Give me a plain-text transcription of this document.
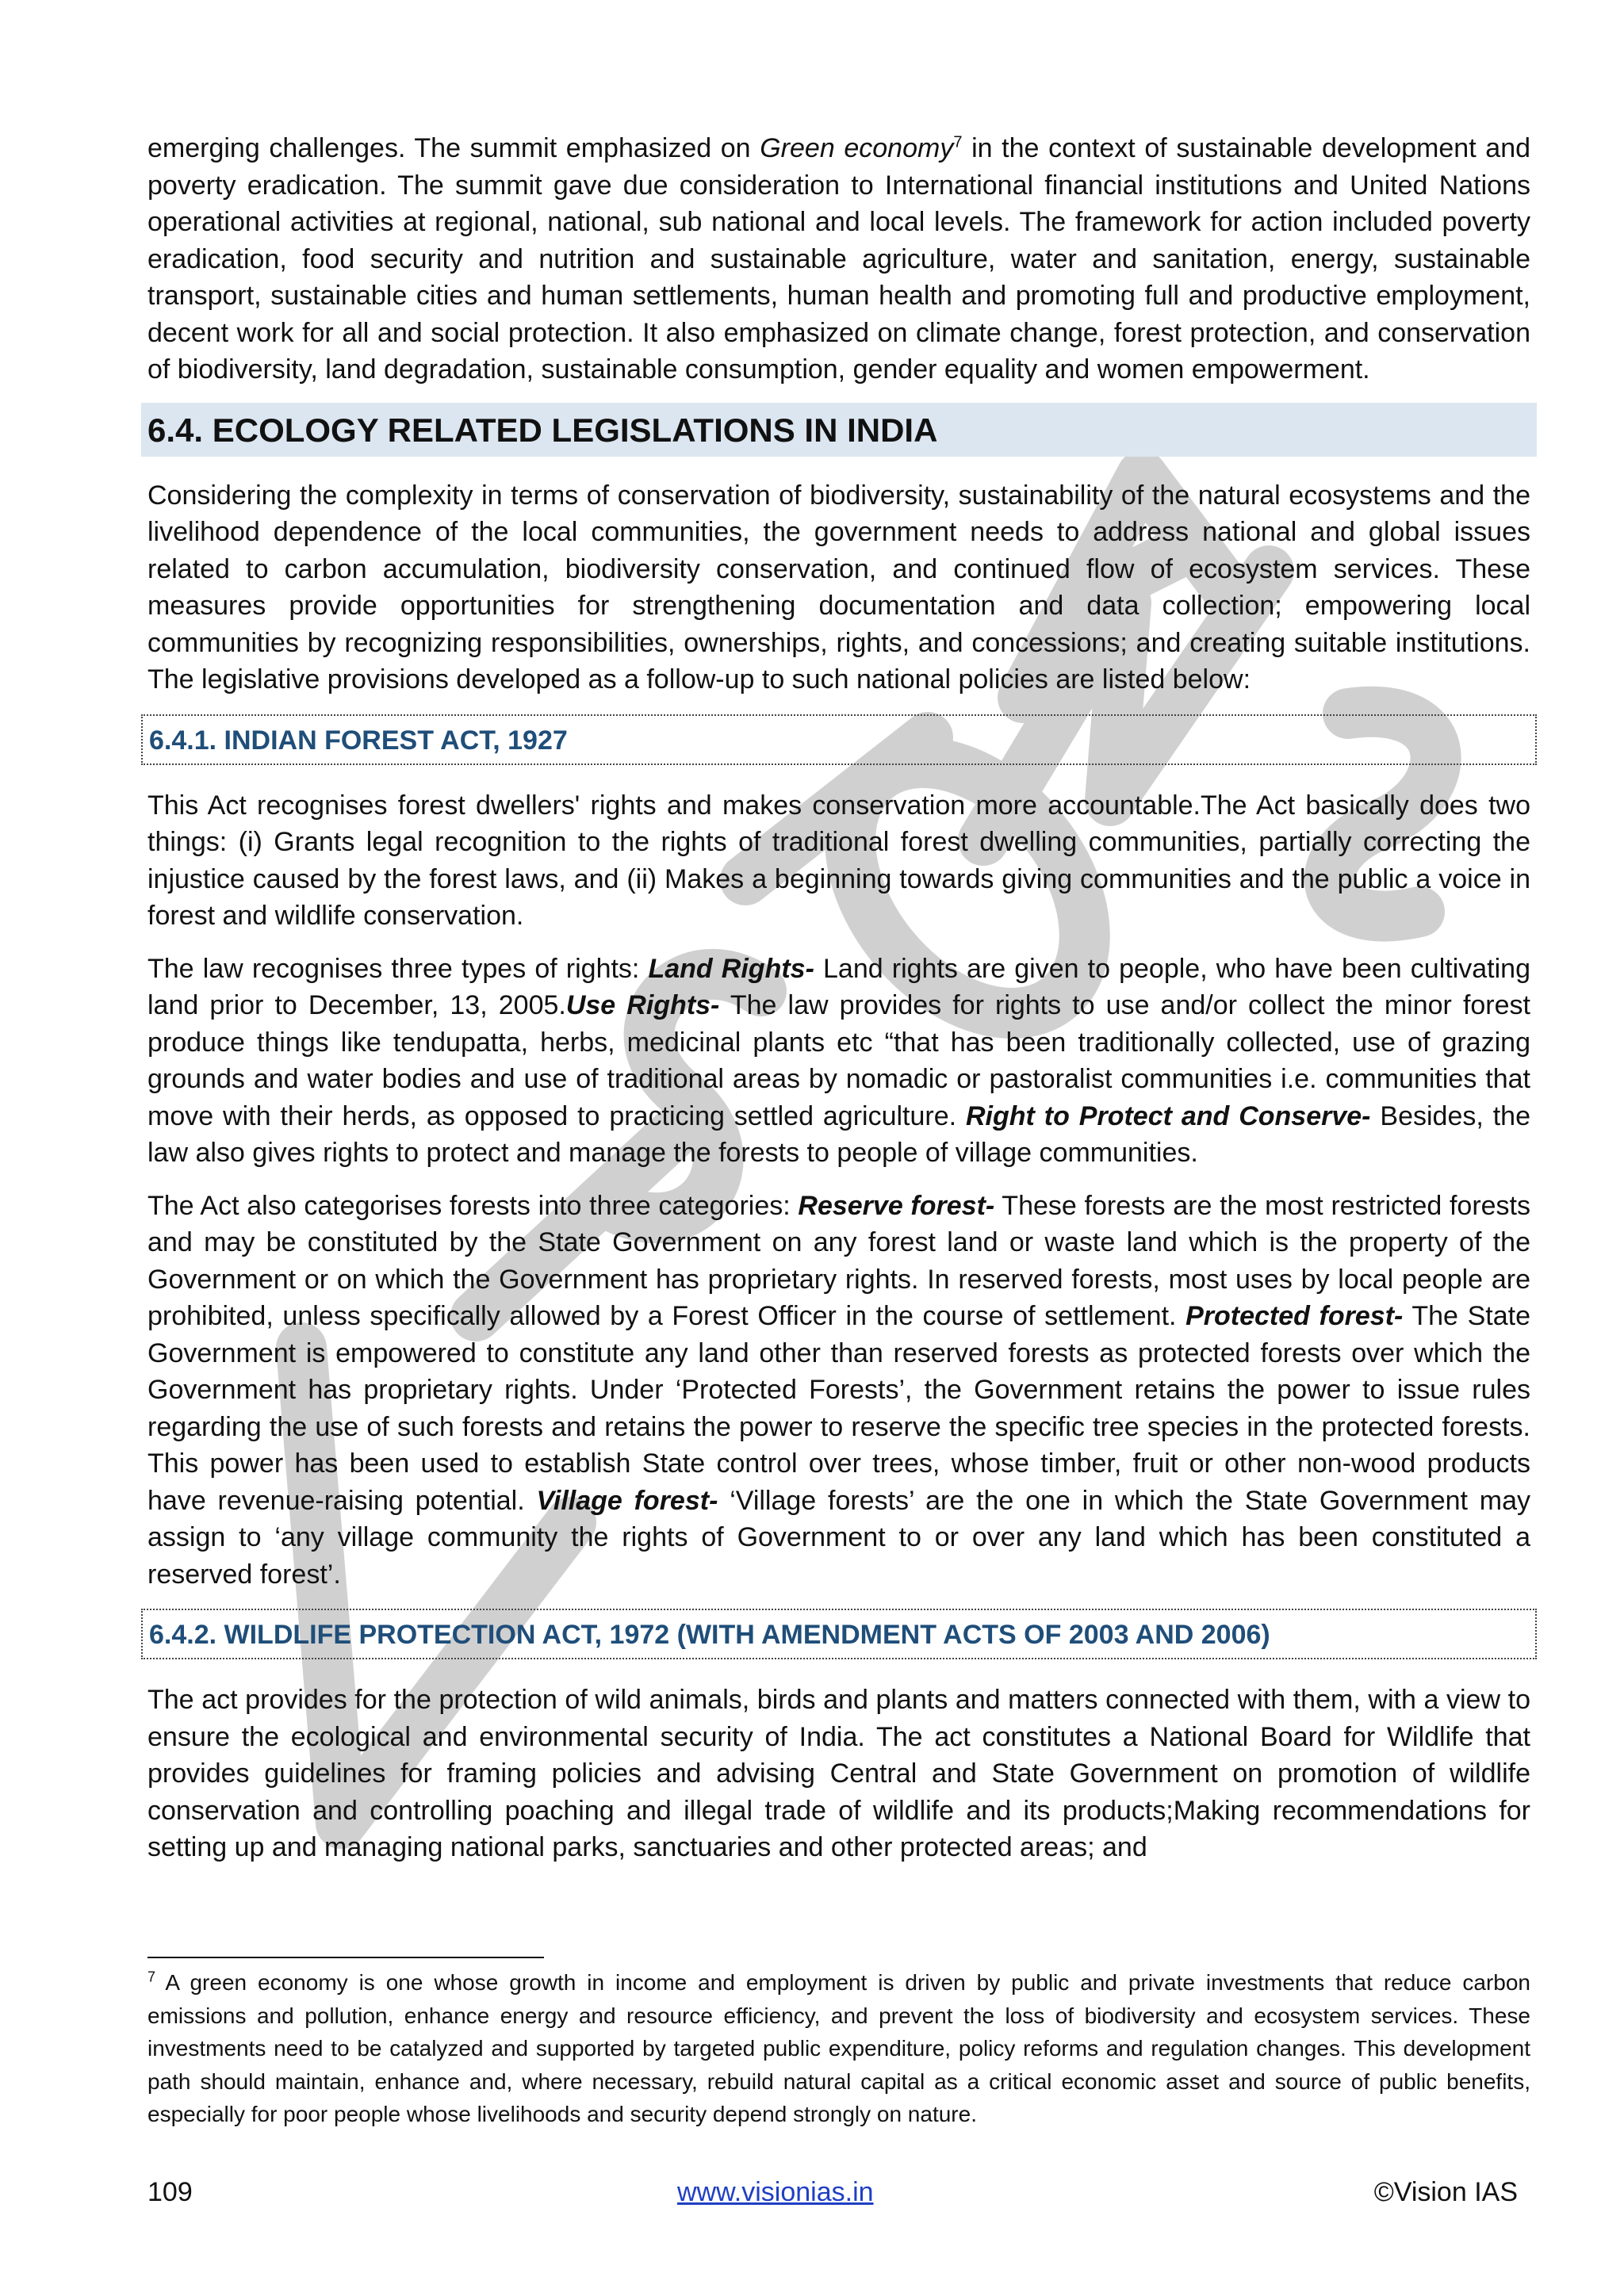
emerging challenges. The summit emphasized on Green economy$^7$ in the context of sustainable development and poverty eradication. The summit gave due consideration to International financial institutions and United Nations operational activities at regional, national, sub national and local levels. The framework for action included poverty eradication, food security and nutrition and sustainable agriculture, water and sanitation, energy, sustainable transport, sustainable cities and human settlements, human health and promoting full and productive employment, decent work for all and social protection. It also emphasized on climate change, forest protection, and conservation of biodiversity, land degradation, sustainable consumption, gender equality and women empowerment.

6.4. ECOLOGY RELATED LEGISLATIONS IN INDIA

Considering the complexity in terms of conservation of biodiversity, sustainability of the natural ecosystems and the livelihood dependence of the local communities, the government needs to address national and global issues related to carbon accumulation, biodiversity conservation, and continued flow of ecosystem services. These measures provide opportunities for strengthening documentation and data collection; empowering local communities by recognizing responsibilities, ownerships, rights, and concessions; and creating suitable institutions. The legislative provisions developed as a follow-up to such national policies are listed below:

6.4.1. INDIAN FOREST ACT, 1927

This Act recognises forest dwellers' rights and makes conservation more accountable.The Act basically does two things: (i) Grants legal recognition to the rights of traditional forest dwelling communities, partially correcting the injustice caused by the forest laws, and (ii) Makes a beginning towards giving communities and the public a voice in forest and wildlife conservation.

The law recognises three types of rights: Land Rights- Land rights are given to people, who have been cultivating land prior to December, 13, 2005.Use Rights- The law provides for rights to use and/or collect the minor forest produce things like tendupatta, herbs, medicinal plants etc “that has been traditionally collected, use of grazing grounds and water bodies and use of traditional areas by nomadic or pastoralist communities i.e. communities that move with their herds, as opposed to practicing settled agriculture. Right to Protect and Conserve- Besides, the law also gives rights to protect and manage the forests to people of village communities.

The Act also categorises forests into three categories: Reserve forest- These forests are the most restricted forests and may be constituted by the State Government on any forest land or waste land which is the property of the Government or on which the Government has proprietary rights. In reserved forests, most uses by local people are prohibited, unless specifically allowed by a Forest Officer in the course of settlement. Protected forest- The State Government is empowered to constitute any land other than reserved forests as protected forests over which the Government has proprietary rights. Under ‘Protected Forests’, the Government retains the power to issue rules regarding the use of such forests and retains the power to reserve the specific tree species in the protected forests. This power has been used to establish State control over trees, whose timber, fruit or other non-wood products have revenue-raising potential. Village forest- ‘Village forests’ are the one in which the State Government may assign to ‘any village community the rights of Government to or over any land which has been constituted a reserved forest’.

6.4.2. WILDLIFE PROTECTION ACT, 1972 (WITH AMENDMENT ACTS OF 2003 AND 2006)

The act provides for the protection of wild animals, birds and plants and matters connected with them, with a view to ensure the ecological and environmental security of India. The act constitutes a National Board for Wildlife that provides guidelines for framing policies and advising Central and State Government on promotion of wildlife conservation and controlling poaching and illegal trade of wildlife and its products;Making recommendations for setting up and managing national parks, sanctuaries and other protected areas; and

$^7$ A green economy is one whose growth in income and employment is driven by public and private investments that reduce carbon emissions and pollution, enhance energy and resource efficiency, and prevent the loss of biodiversity and ecosystem services. These investments need to be catalyzed and supported by targeted public expenditure, policy reforms and regulation changes. This development path should maintain, enhance and, where necessary, rebuild natural capital as a critical economic asset and source of public benefits, especially for poor people whose livelihoods and security depend strongly on nature.

109	www.visionias.in	©Vision IAS
